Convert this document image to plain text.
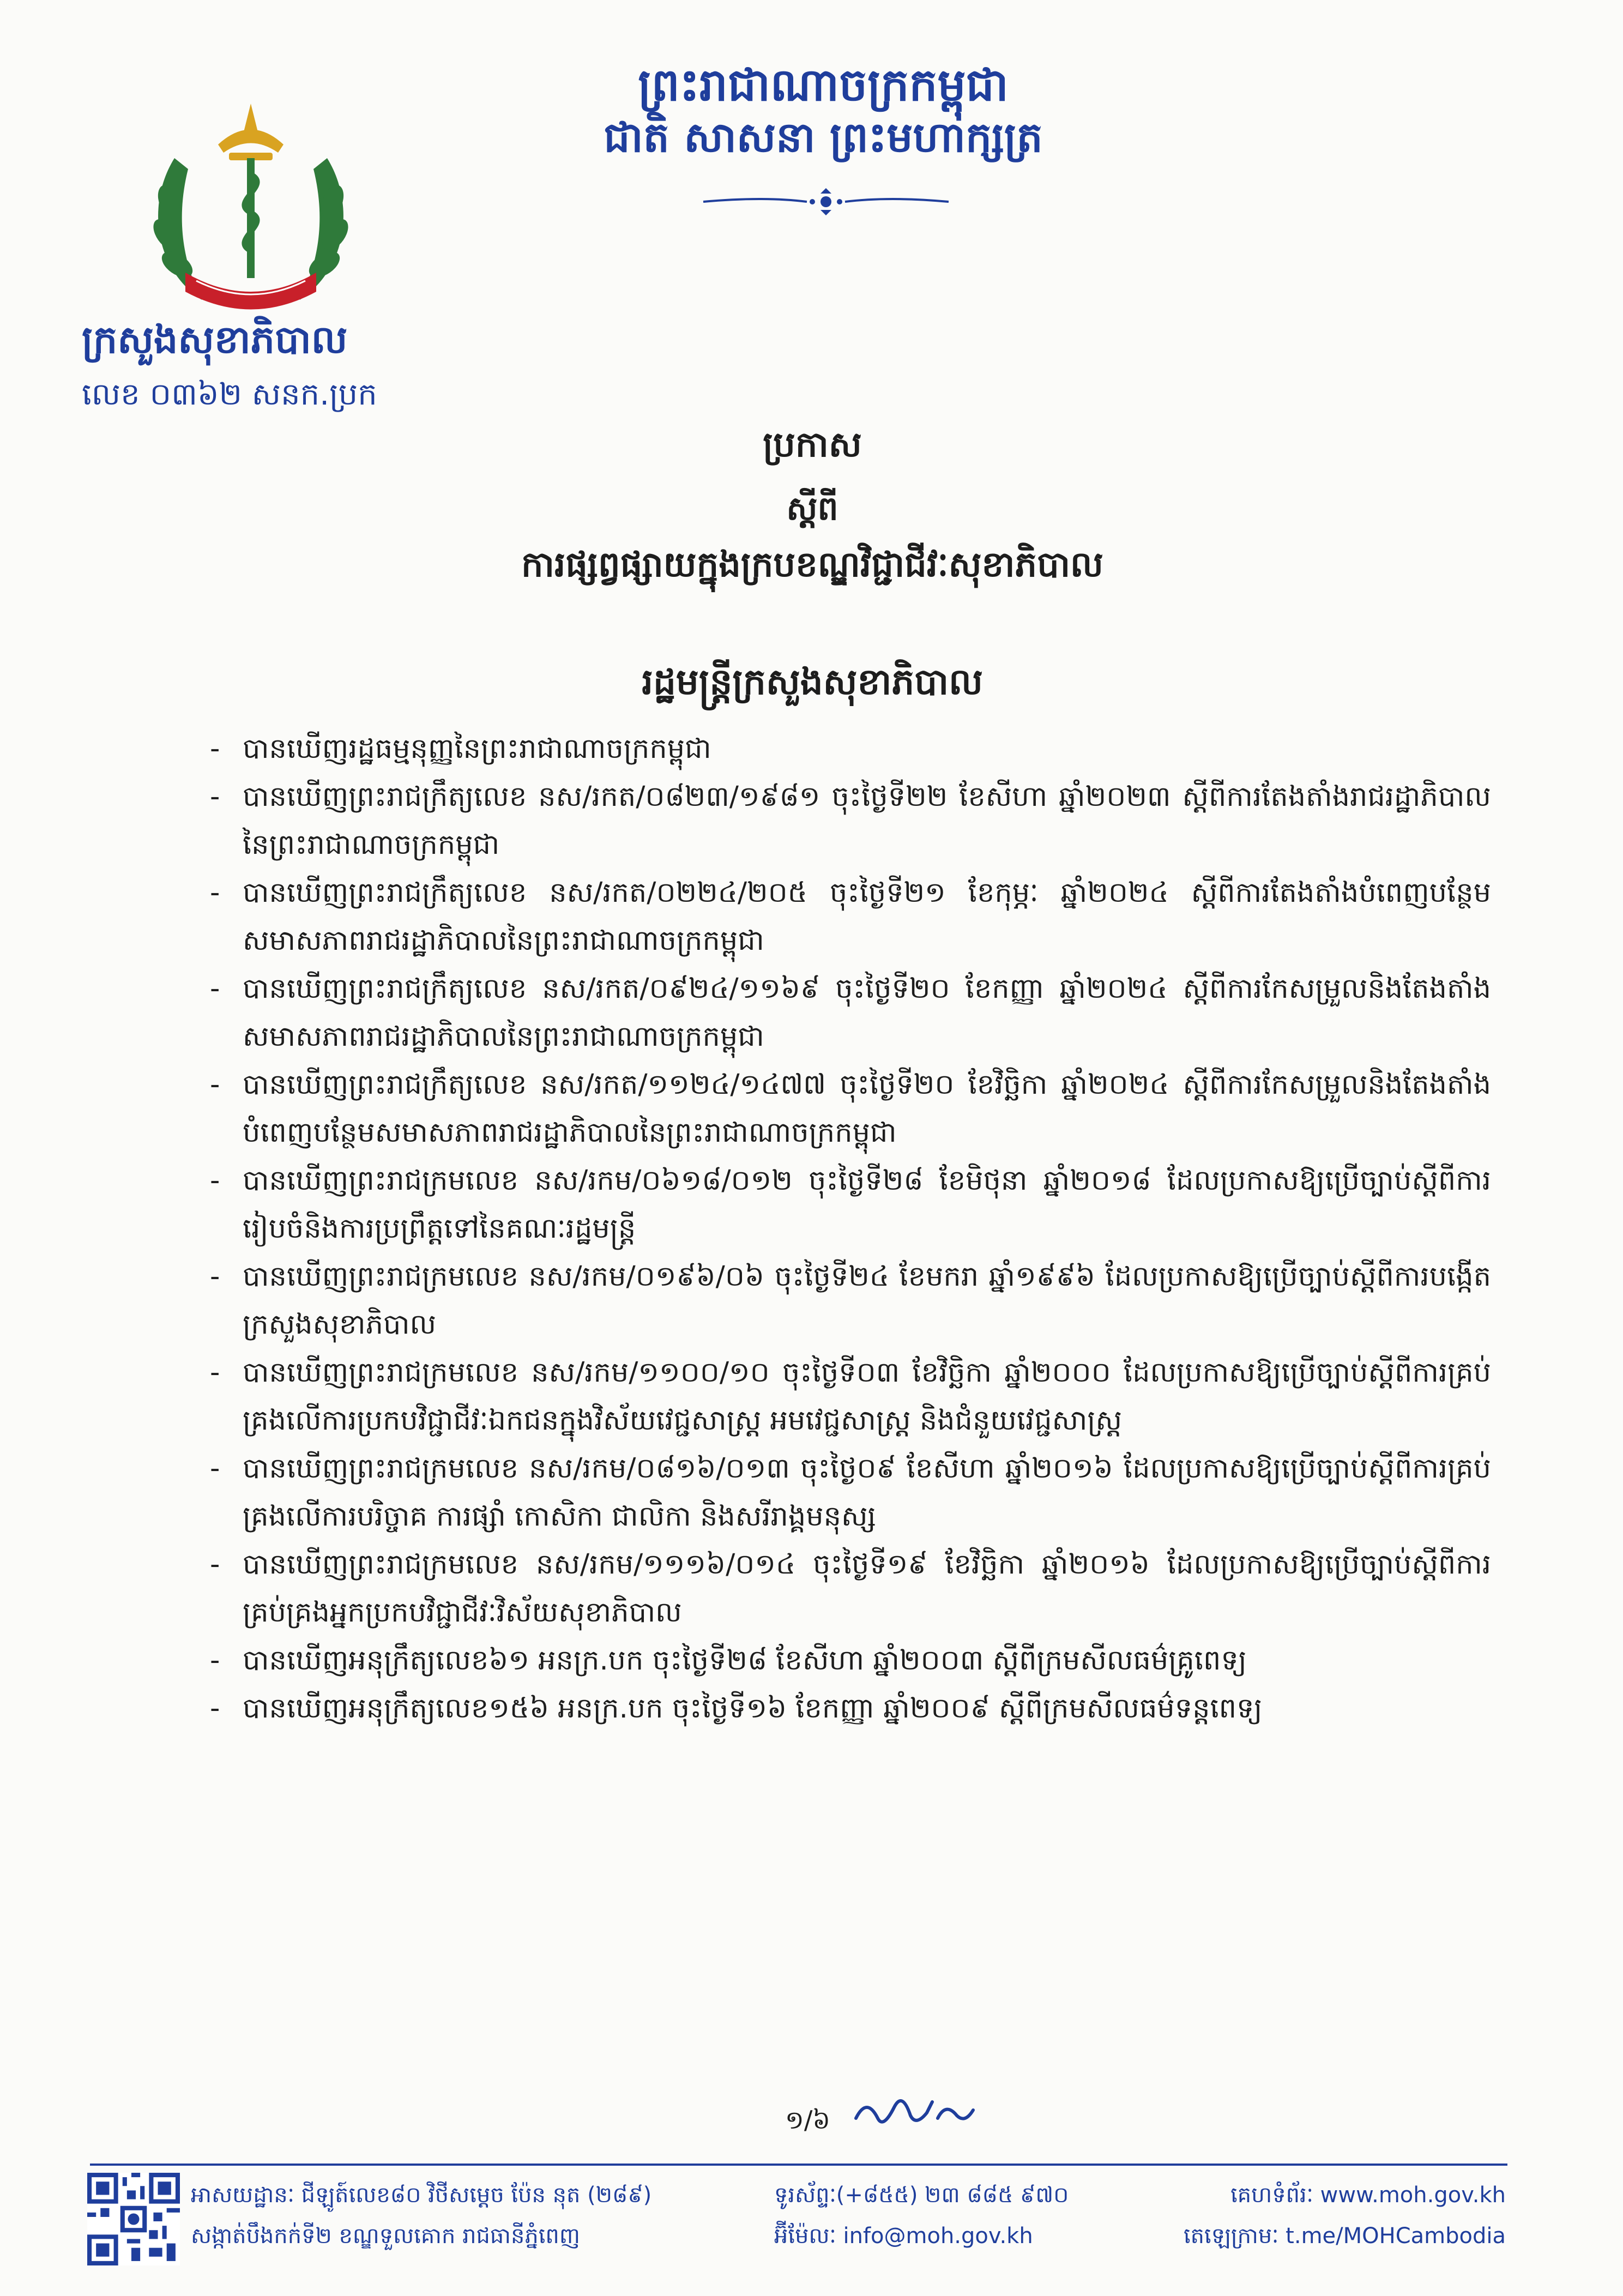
ព្រះរាជាណាចក្រកម្ពុជា
ជាតិ សាសនា ព្រះមហាក្សត្រ
ក្រសួងសុខាភិបាល
លេខ ០៣៦២ សនក.ប្រក
ប្រកាស
ស្តីពី
ការផ្សព្វផ្សាយក្នុងក្របខណ្ឌវិជ្ជាជីវៈសុខាភិបាល
រដ្ឋមន្ត្រីក្រសួងសុខាភិបាល
- បានឃើញរដ្ឋធម្មនុញ្ញនៃព្រះរាជាណាចក្រកម្ពុជា
- បានឃើញព្រះរាជក្រឹត្យលេខ នស/រកត/០៨២៣/១៩៨១ ចុះថ្ងៃទី២២ ខែសីហា ឆ្នាំ២០២៣ ស្តីពីការតែងតាំងរាជរដ្ឋាភិបាលនៃព្រះរាជាណាចក្រកម្ពុជា
- បានឃើញព្រះរាជក្រឹត្យលេខ នស/រកត/០២២៤/២០៥ ចុះថ្ងៃទី២១ ខែកុម្ភៈ ឆ្នាំ២០២៤ ស្តីពីការតែងតាំងបំពេញបន្ថែមសមាសភាពរាជរដ្ឋាភិបាលនៃព្រះរាជាណាចក្រកម្ពុជា
- បានឃើញព្រះរាជក្រឹត្យលេខ នស/រកត/០៩២៤/១១៦៩ ចុះថ្ងៃទី២០ ខែកញ្ញា ឆ្នាំ២០២៤ ស្តីពីការកែសម្រួលនិងតែងតាំងសមាសភាពរាជរដ្ឋាភិបាលនៃព្រះរាជាណាចក្រកម្ពុជា
- បានឃើញព្រះរាជក្រឹត្យលេខ នស/រកត/១១២៤/១៤៧៧ ចុះថ្ងៃទី២០ ខែវិច្ឆិកា ឆ្នាំ២០២៤ ស្តីពីការកែសម្រួលនិងតែងតាំងបំពេញបន្ថែមសមាសភាពរាជរដ្ឋាភិបាលនៃព្រះរាជាណាចក្រកម្ពុជា
- បានឃើញព្រះរាជក្រមលេខ នស/រកម/០៦១៨/០១២ ចុះថ្ងៃទី២៨ ខែមិថុនា ឆ្នាំ២០១៨ ដែលប្រកាសឱ្យប្រើច្បាប់ស្តីពីការរៀបចំនិងការប្រព្រឹត្តទៅនៃគណៈរដ្ឋមន្ត្រី
- បានឃើញព្រះរាជក្រមលេខ នស/រកម/០១៩៦/០៦ ចុះថ្ងៃទី២៤ ខែមករា ឆ្នាំ១៩៩៦ ដែលប្រកាសឱ្យប្រើច្បាប់ស្តីពីការបង្កើតក្រសួងសុខាភិបាល
- បានឃើញព្រះរាជក្រមលេខ នស/រកម/១១០០/១០ ចុះថ្ងៃទី០៣ ខែវិច្ឆិកា ឆ្នាំ២០០០ ដែលប្រកាសឱ្យប្រើច្បាប់ស្តីពីការគ្រប់គ្រងលើការប្រកបវិជ្ជាជីវៈឯកជនក្នុងវិស័យវេជ្ជសាស្ត្រ អមវេជ្ជសាស្ត្រ និងជំនួយវេជ្ជសាស្ត្រ
- បានឃើញព្រះរាជក្រមលេខ នស/រកម/០៨១៦/០១៣ ចុះថ្ងៃ០៩ ខែសីហា ឆ្នាំ២០១៦ ដែលប្រកាសឱ្យប្រើច្បាប់ស្តីពីការគ្រប់គ្រងលើការបរិច្ចាគ ការផ្សាំ កោសិកា ជាលិកា និងសរីរាង្គមនុស្ស
- បានឃើញព្រះរាជក្រមលេខ នស/រកម/១១១៦/០១៤ ចុះថ្ងៃទី១៩ ខែវិច្ឆិកា ឆ្នាំ២០១៦ ដែលប្រកាសឱ្យប្រើច្បាប់ស្តីពីការគ្រប់គ្រងអ្នកប្រកបវិជ្ជាជីវៈវិស័យសុខាភិបាល
- បានឃើញអនុក្រឹត្យលេខ៦១ អនក្រ.បក ចុះថ្ងៃទី២៨ ខែសីហា ឆ្នាំ២០០៣ ស្តីពីក្រមសីលធម៌គ្រូពេទ្យ
- បានឃើញអនុក្រឹត្យលេខ១៥៦ អនក្រ.បក ចុះថ្ងៃទី១៦ ខែកញ្ញា ឆ្នាំ២០០៩ ស្តីពីក្រមសីលធម៌ទន្តពេទ្យ
១/៦
អាសយដ្ឋានៈ ជីឡូត៍លេខ៨០ វិថីសម្តេច ប៉ែន នុត (២៨៩)
សង្កាត់បឹងកក់ទី២ ខណ្ឌទួលគោក រាជធានីភ្នំពេញ
ទូរស័ព្ទៈ(+៨៥៥) ២៣ ៨៨៥ ៩៧០
អ៊ីម៉ែលៈ info@moh.gov.kh
គេហទំព័រៈ www.moh.gov.kh
តេឡេក្រាមៈ t.me/MOHCambodia
